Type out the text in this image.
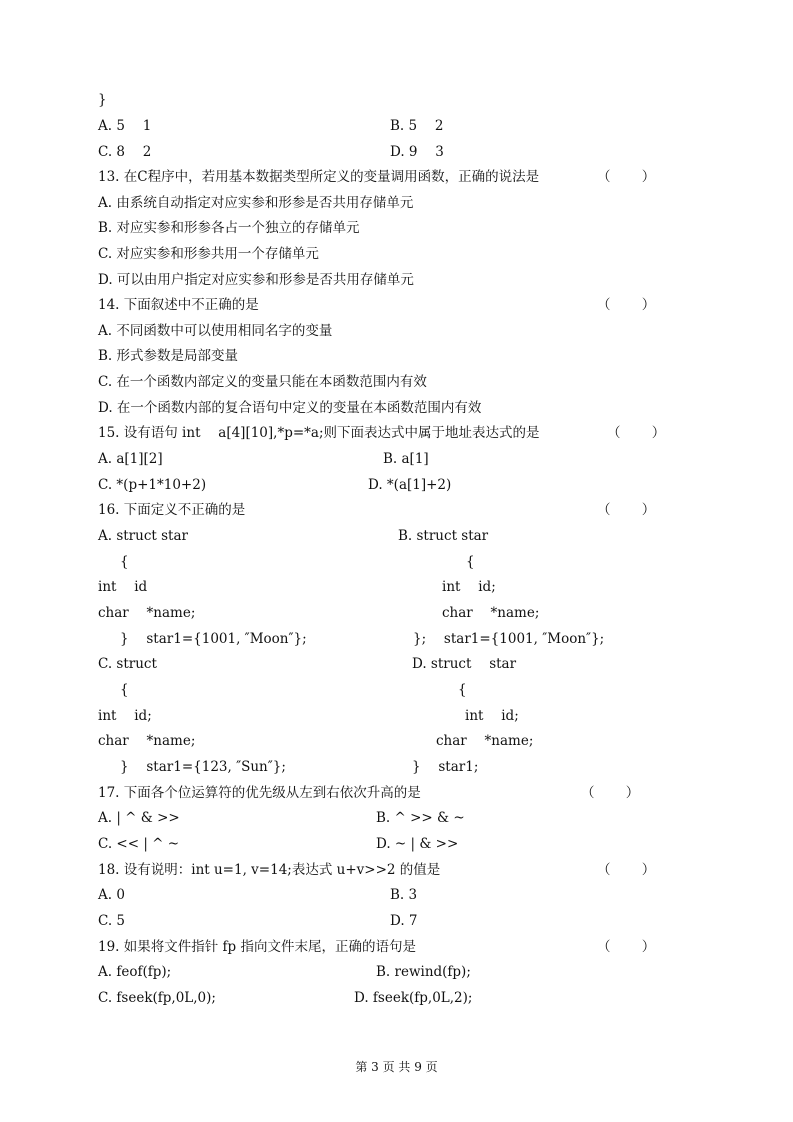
}
A. 5　 1	B. 5　 2
C. 8　 2	D. 9　 3
13. 在C程序中，若用基本数据类型所定义的变量调用函数，正确的说法是	（　　 ）
A. 由系统自动指定对应实参和形参是否共用存储单元
B. 对应实参和形参各占一个独立的存储单元
C. 对应实参和形参共用一个存储单元
D. 可以由用户指定对应实参和形参是否共用存储单元
14. 下面叙述中不正确的是	（　　 ）
A. 不同函数中可以使用相同名字的变量
B. 形式参数是局部变量
C. 在一个函数内部定义的变量只能在本函数范围内有效
D. 在一个函数内部的复合语句中定义的变量在本函数范围内有效
15. 设有语句 int　 a[4][10],*p=*a;则下面表达式中属于地址表达式的是	（　　 ）
A. a[1][2]	B. a[1]
C. *(p+1*10+2)	D. *(a[1]+2)
16. 下面定义不正确的是	（　　 ）
A. struct star	B. struct star
{	{
int　 id	int　 id;
char　 *name;	char　 *name;
}　 star1={1001, ″Moon″};	};　 star1={1001, ″Moon″};
C. struct	D. struct　 star
{	{
int　 id;	int　 id;
char　 *name;	char　 *name;
}　 star1={123, ″Sun″};	}　 star1;
17. 下面各个位运算符的优先级从左到右依次升高的是	（　　 ）
A. | ^ & >>	B. ^ >> & ~
C. << | ^ ~	D. ~ | & >>
18. 设有说明：int u=1, v=14;表达式 u+v>>2 的值是	（　　 ）
A. 0	B. 3
C. 5	D. 7
19. 如果将文件指针 fp 指向文件末尾，正确的语句是	（　　 ）
A. feof(fp);	B. rewind(fp);
C. fseek(fp,0L,0);	D. fseek(fp,0L,2);
第 3 页 共 9 页
